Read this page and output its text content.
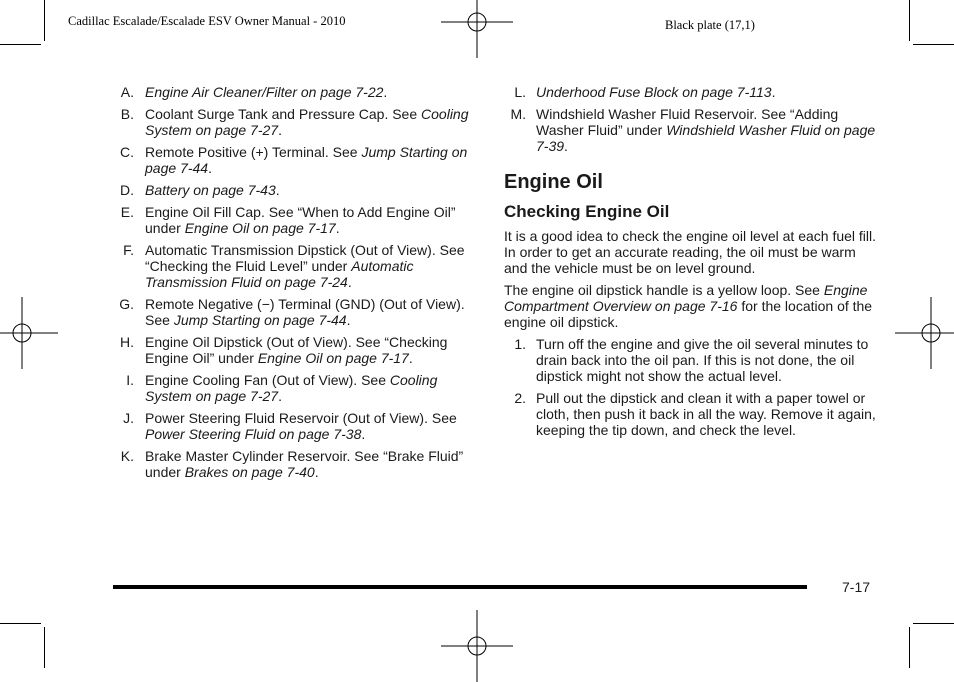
Cadillac Escalade/Escalade ESV Owner Manual - 2010	Black plate (17,1)
A. Engine Air Cleaner/Filter on page 7‑22.
B. Coolant Surge Tank and Pressure Cap. See Cooling System on page 7‑27.
C. Remote Positive (+) Terminal. See Jump Starting on page 7‑44.
D. Battery on page 7‑43.
E. Engine Oil Fill Cap. See “When to Add Engine Oil” under Engine Oil on page 7‑17.
F. Automatic Transmission Dipstick (Out of View). See “Checking the Fluid Level” under Automatic Transmission Fluid on page 7‑24.
G. Remote Negative (−) Terminal (GND) (Out of View). See Jump Starting on page 7‑44.
H. Engine Oil Dipstick (Out of View). See “Checking Engine Oil” under Engine Oil on page 7‑17.
I. Engine Cooling Fan (Out of View). See Cooling System on page 7‑27.
J. Power Steering Fluid Reservoir (Out of View). See Power Steering Fluid on page 7‑38.
K. Brake Master Cylinder Reservoir. See “Brake Fluid” under Brakes on page 7‑40.
L. Underhood Fuse Block on page 7‑113.
M. Windshield Washer Fluid Reservoir. See “Adding Washer Fluid” under Windshield Washer Fluid on page 7‑39.
Engine Oil
Checking Engine Oil

It is a good idea to check the engine oil level at each fuel fill. In order to get an accurate reading, the oil must be warm and the vehicle must be on level ground.

The engine oil dipstick handle is a yellow loop. See Engine Compartment Overview on page 7‑16 for the location of the engine oil dipstick.

1. Turn off the engine and give the oil several minutes to drain back into the oil pan. If this is not done, the oil dipstick might not show the actual level.
2. Pull out the dipstick and clean it with a paper towel or cloth, then push it back in all the way. Remove it again, keeping the tip down, and check the level.
7-17
